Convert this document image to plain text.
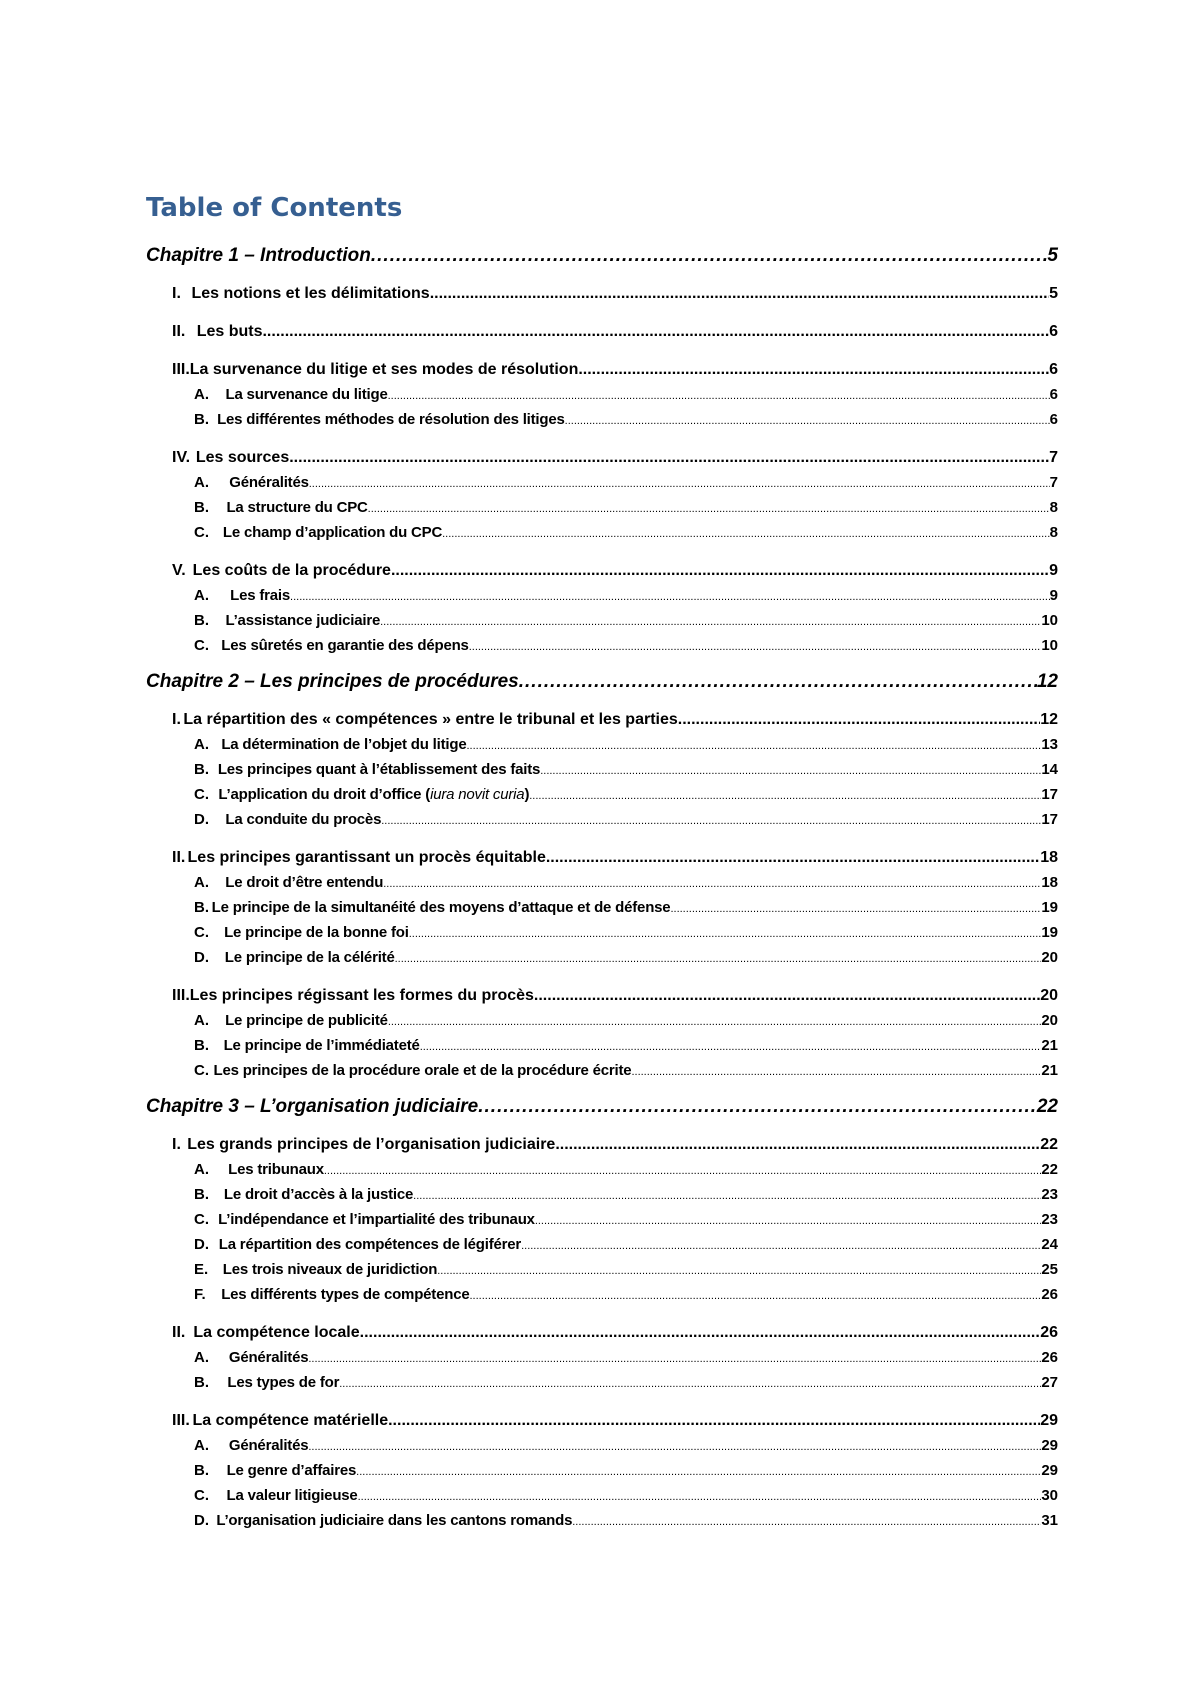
Table of Contents
Chapitre 1 – Introduction .....	5
I. Les notions et les délimitations .....	5
II. Les buts .....	6
III. La survenance du litige et ses modes de résolution .....	6
A.	La survenance du litige .....	6
B. Les différentes méthodes de résolution des litiges .....	6
IV. Les sources .....	7
A.	Généralités .....	7
B.	La structure du CPC .....	8
C. Le champ d’application du CPC .....	8
V. Les coûts de la procédure .....	9
A.	Les frais .....	9
B.	L’assistance judiciaire .....	10
C. Les sûretés en garantie des dépens .....	10
Chapitre 2 – Les principes de procédures .....	12
I. La répartition des « compétences » entre le tribunal et les parties .....	12
A. La détermination de l’objet du litige .....	13
B. Les principes quant à l’établissement des faits .....	14
C. L’application du droit d’office (iura novit curia) .....	17
D.	La conduite du procès .....	17
II. Les principes garantissant un procès équitable .....	18
A.	Le droit d’être entendu .....	18
B. Le principe de la simultanéité des moyens d’attaque et de défense .....	19
C.	Le principe de la bonne foi .....	19
D.	Le principe de la célérité .....	20
III. Les principes régissant les formes du procès .....	20
A.	Le principe de publicité .....	20
B. Le principe de l’immédiateté .....	21
C. Les principes de la procédure orale et de la procédure écrite .....	21
Chapitre 3 – L’organisation judiciaire .....	22
I. Les grands principes de l’organisation judiciaire .....	22
A.	Les tribunaux .....	22
B. Le droit d’accès à la justice .....	23
C. L’indépendance et l’impartialité des tribunaux .....	23
D. La répartition des compétences de légiférer .....	24
E. Les trois niveaux de juridiction .....	25
F.	Les différents types de compétence .....	26
II. La compétence locale .....	26
A.	Généralités .....	26
B.	Les types de for .....	27
III. La compétence matérielle .....	29
A.	Généralités .....	29
B.	Le genre d’affaires .....	29
C.	La valeur litigieuse .....	30
D. L’organisation judiciaire dans les cantons romands .....	31
